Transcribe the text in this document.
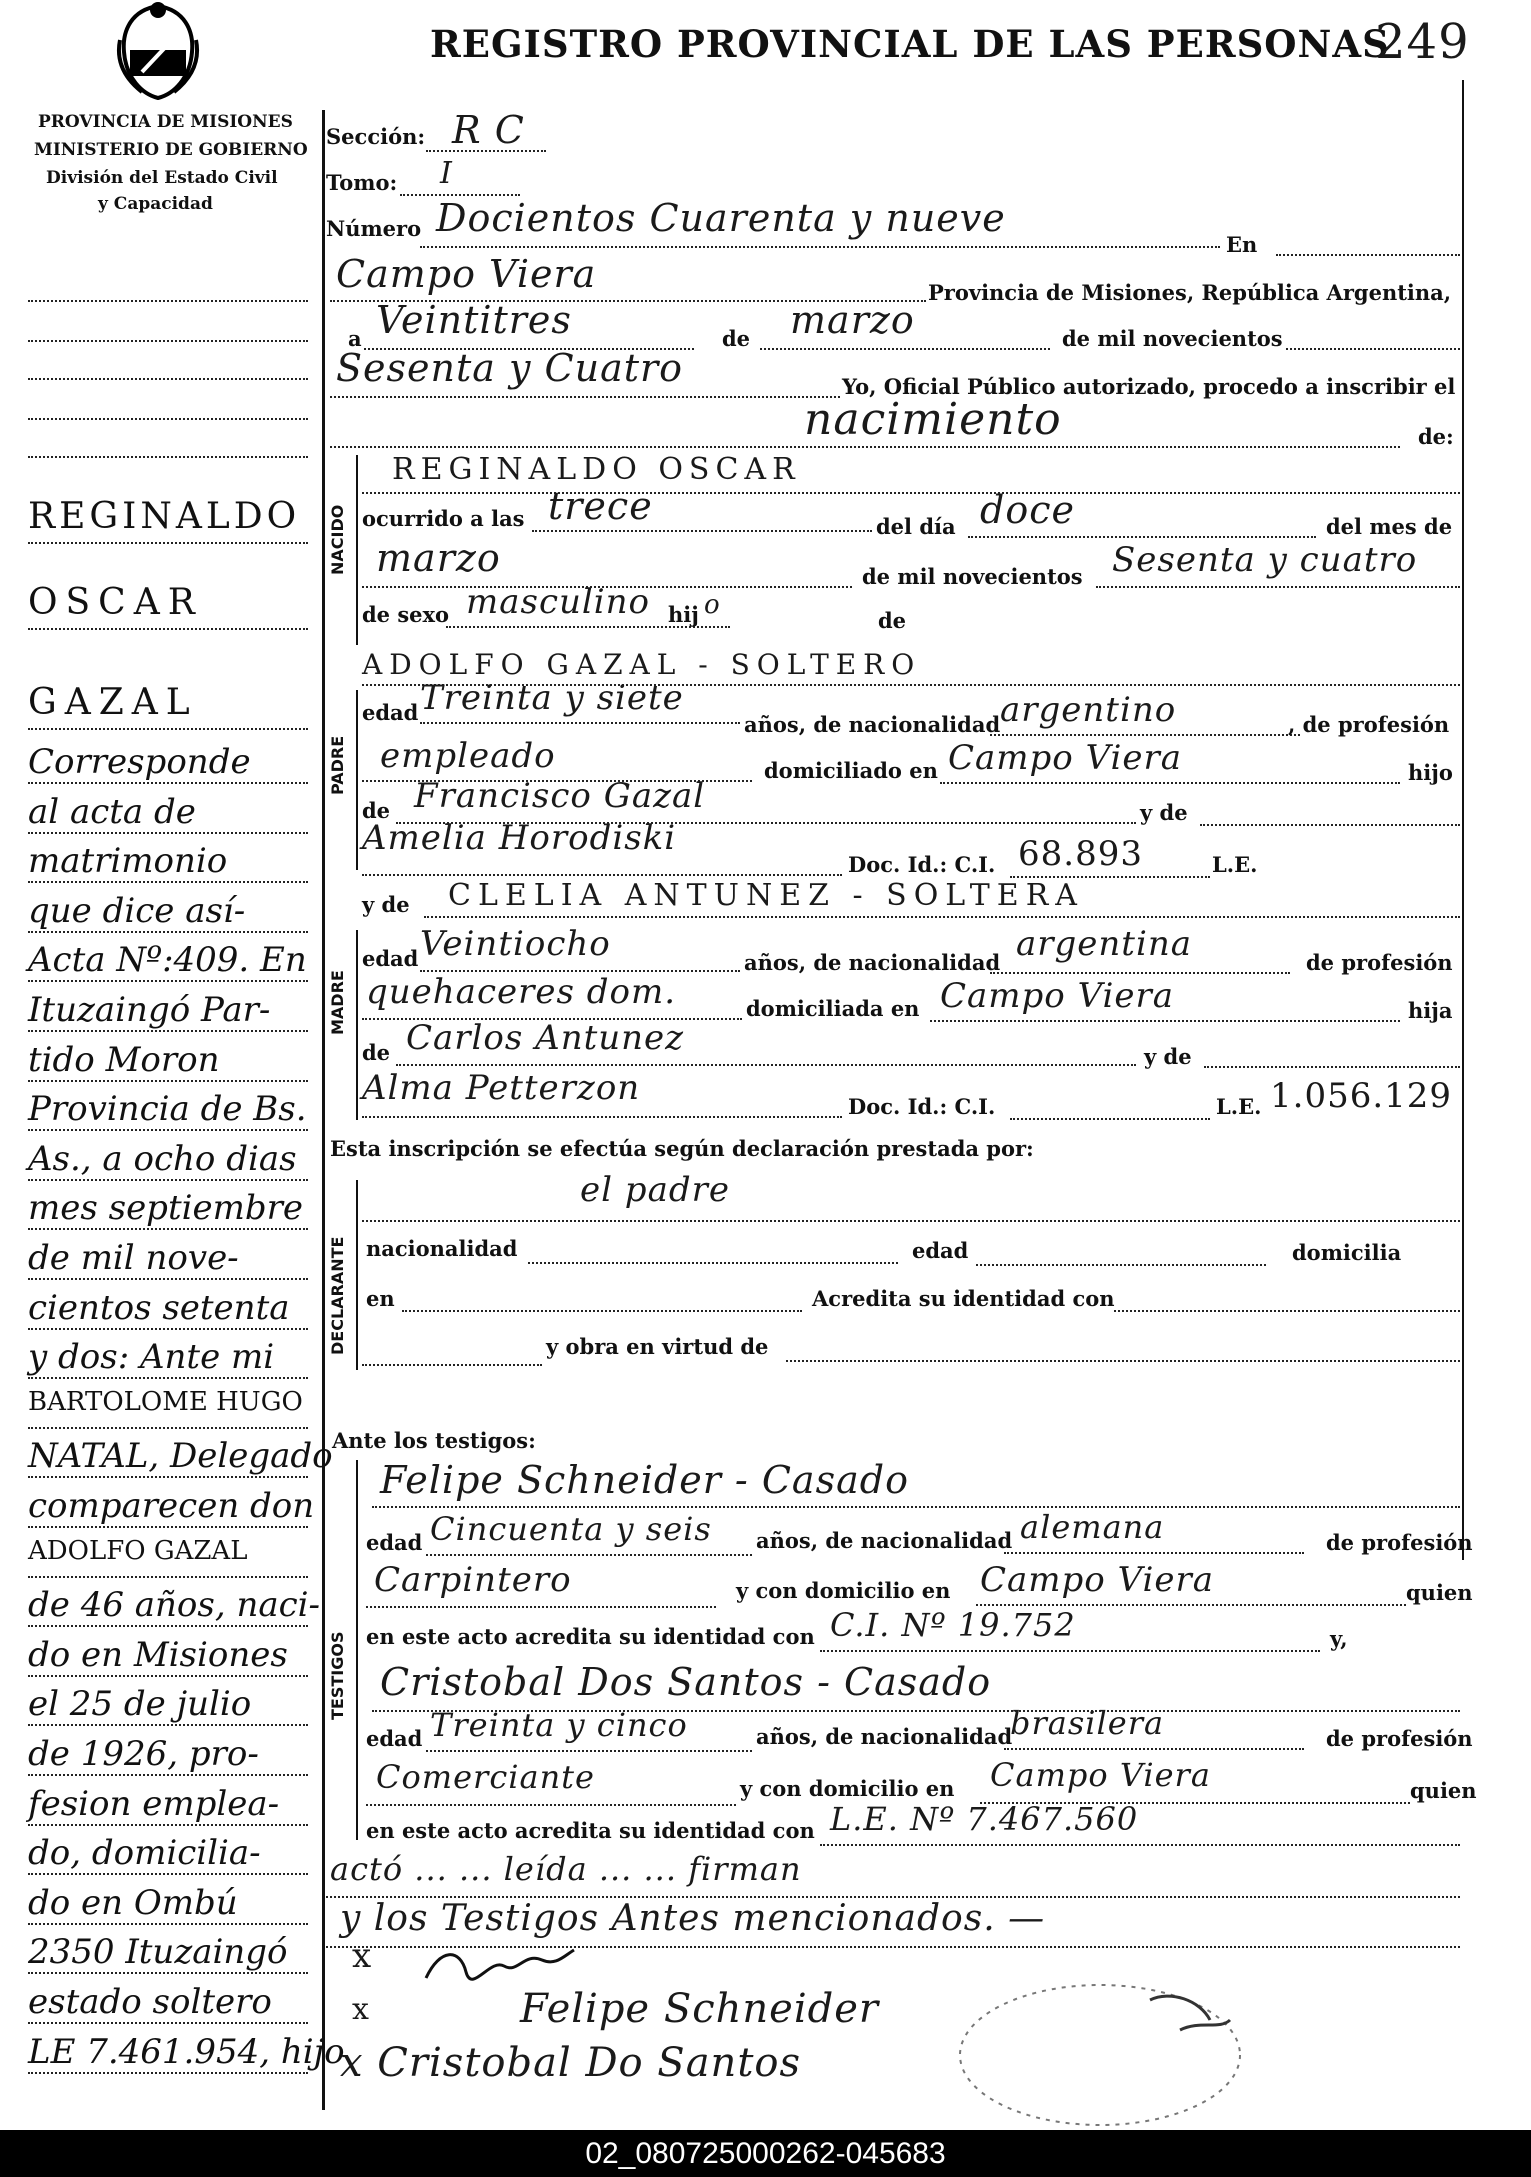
REGISTRO PROVINCIAL DE LAS PERSONAS
249
PROVINCIA DE MISIONES
MINISTERIO DE GOBIERNO
División del Estado Civil
y Capacidad
REGINALDO
OSCAR
GAZAL
Corresponde
al acta de
matrimonio
que dice así-
Acta Nº:409. En
Ituzaingó Par-
tido Moron
Provincia de Bs.
As., a ocho dias
mes septiembre
de mil nove-
cientos setenta
y dos: Ante mi
BARTOLOME HUGO
NATAL, Delegado
comparecen don
ADOLFO GAZAL
de 46 años, naci-
do en Misiones
el 25 de julio
de 1926, pro-
fesion emplea-
do, domicilia-
do en Ombú
2350 Ituzaingó
estado soltero
LE 7.461.954, hijo
NACIDO
PADRE
MADRE
DECLARANTE
TESTIGOS
Sección: R C
Tomo: I
Número Docientos Cuarenta y nueve
En
Campo Viera	Provincia de Misiones, República Argentina,
a Veintitres	de marzo	de mil novecientos
Sesenta y Cuatro	Yo, Oficial Público autorizado, procedo a inscribir el
nacimiento	de:
REGINALDO OSCAR
ocurrido a las trece	del día doce	del mes de
marzo	de mil novecientos Sesenta y cuatro
de sexo masculino hij o
de
ADOLFO GAZAL - SOLTERO
edad Treinta y siete
años, de nacionalidad argentino	, de profesión
empleado	domiciliado en Campo Viera	hijo
de Francisco Gazal	y de
Amelia Horodiski
Doc. Id.: C.I. 68.893	L.E.
y de CLELIA ANTUNEZ - SOLTERA
edad Veintiocho	años, de nacionalidad argentina	de profesión
quehaceres dom.	domiciliada en Campo Viera	hija
de Carlos Antunez	y de
Alma Petterzon	Doc. Id.: C.I.	L.E. 1.056.129
Esta inscripción se efectúa según declaración prestada por:
el padre
nacionalidad	edad	domicilia
en	Acredita su identidad con
y obra en virtud de
Ante los testigos:
Felipe Schneider - Casado
edad Cincuenta y seis años, de nacionalidad alemana	de profesión
Carpintero	y con domicilio en Campo Viera	quien
en este acto acredita su identidad con C.I. Nº 19.752	y,
Cristobal Dos Santos - Casado
edad Treinta y cinco	años, de nacionalidad
brasilera	de profesión
Comerciante	y con domicilio en Campo Viera	quien
en este acto acredita su identidad con L.E. Nº 7.467.560
actó ... ... leída ... ... firman
y los Testigos Antes mencionados. —
x
x	Felipe Schneider
x Cristobal Do Santos
02_080725000262-045683
